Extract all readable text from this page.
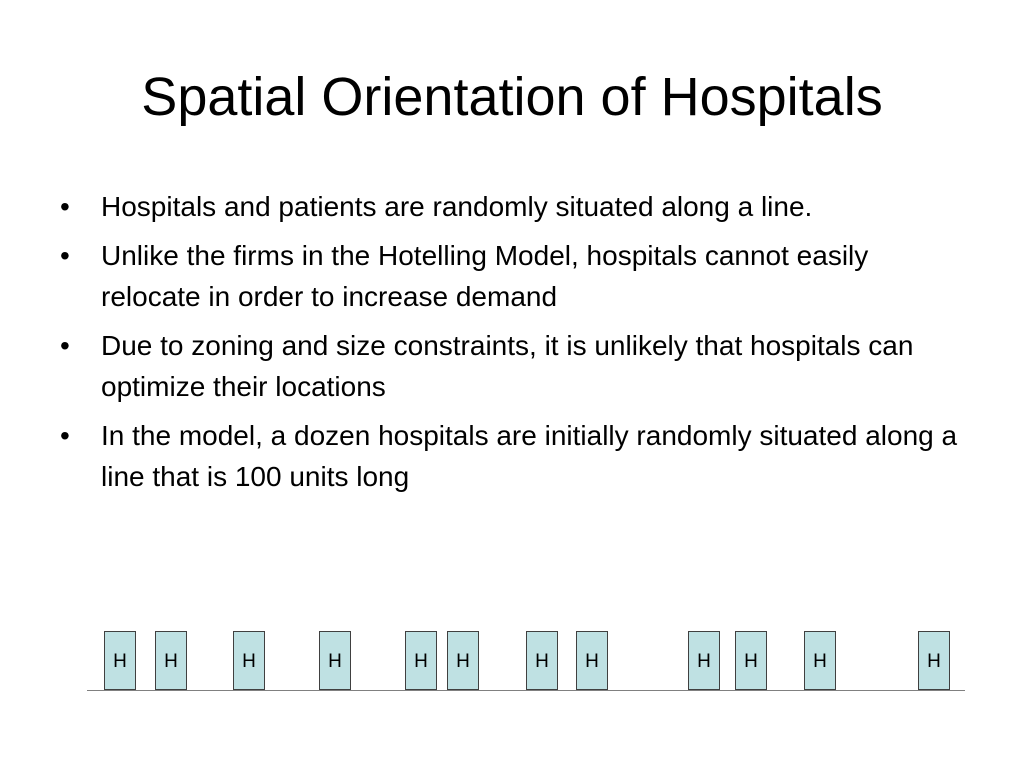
Spatial Orientation of Hospitals
• Hospitals and patients are randomly situated along a line.
• Unlike the firms in the Hotelling Model, hospitals cannot easily relocate in order to increase demand
• Due to zoning and size constraints, it is unlikely that hospitals can optimize their locations
• In the model, a dozen hospitals are initially randomly situated along a line that is 100 units long
H	H	H	H	H	H	H	H	H	H	H	H
